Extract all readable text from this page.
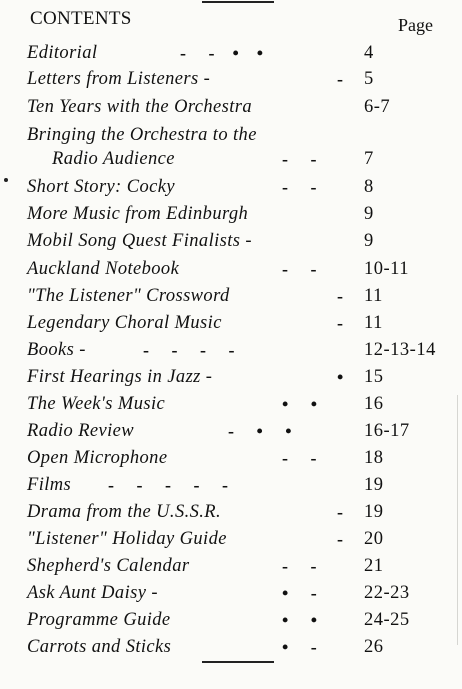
CONTENTS	Page
Editorial	-     -    •    •	4
Letters from Listeners -	- 5
Ten Years with the Orchestra	6-7
Bringing the Orchestra to the
Radio Audience	-     -	7
Short Story: Cocky	-     -	8
More Music from Edinburgh	9
Mobil Song Quest Finalists -	9
Auckland Notebook	-     -	10-11
"The Listener" Crossword	- 11
Legendary Choral Music	- 11
Books -	-     -     -     -	12-13-14
First Hearings in Jazz -	• 15
The Week's Music	•     •	16
Radio Review	-     •     •	16-17
Open Microphone	-     -	18
Films -     -     -     -     -	19
Drama from the U.S.S.R.	- 19
"Listener" Holiday Guide	- 20
Shepherd's Calendar	-     -	21
Ask Aunt Daisy -	•     -	22-23
Programme Guide	•     •	24-25
Carrots and Sticks	•     -	26
